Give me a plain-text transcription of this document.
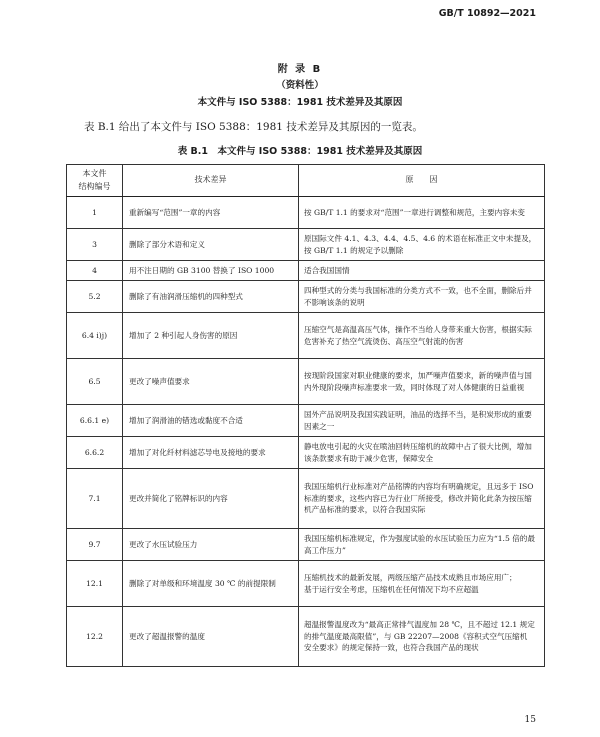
GB/T 10892—2021
附 录 B
（资料性）
本文件与 ISO 5388：1981 技术差异及其原因
表 B.1 给出了本文件与 ISO 5388：1981 技术差异及其原因的一览表。
表 B.1　本文件与 ISO 5388：1981 技术差异及其原因
本文件
结构编号	技术差异	原　　因
1	重新编写“范围”一章的内容	按 GB/T 1.1 的要求对“范围”一章进行调整和规范，主要内容未变
3	删除了部分术语和定义	原国际文件 4.1、4.3、4.4、4.5、4.6 的术语在标准正文中未提及，按 GB/T 1.1 的规定予以删除
4	用不注日期的 GB 3100 替换了 ISO 1000	适合我国国情
5.2	删除了有油润滑压缩机的四种型式	四种型式的分类与我国标准的分类方式不一致，也不全面，删除后并不影响该条的说明
6.4 i)j)	增加了 2 种引起人身伤害的原因	压缩空气是高温高压气体，操作不当给人身带来重大伤害，根据实际危害补充了热空气流烫伤、高压空气射流的伤害
6.5	更改了噪声值要求	按现阶段国家对职业健康的要求，加严噪声值要求，新的噪声值与国内外现阶段噪声标准要求一致，同时体现了对人体健康的日益重视
6.6.1 e)	增加了润滑油的错选或黏度不合适	国外产品说明及我国实践证明，油品的选择不当，是积炭形成的重要因素之一
6.6.2	增加了对化纤材料滤芯导电及接地的要求	静电放电引起的火灾在喷油回转压缩机的故障中占了很大比例，增加该条款要求有助于减少危害，保障安全
7.1	更改并简化了铭牌标识的内容	我国压缩机行业标准对产品铭牌的内容均有明确规定，且远多于 ISO 标准的要求，这些内容已为行业厂所接受，修改并简化此条为按压缩机产品标准的要求，以符合我国实际
9.7	更改了水压试验压力	我国压缩机标准规定，作为强度试验的水压试验压力应为“1.5 倍的最高工作压力”
12.1	删除了对单级和环境温度 30 ℃ 的前提限制	压缩机技术的最新发展，两级压缩产品技术成熟且市场应用广；
基于运行安全考虑，压缩机在任何情况下均不应超温
12.2	更改了超温报警的温度	超温报警温度改为“最高正常排气温度加 28 ℃，且不超过 12.1 规定的排气温度最高限值”，与 GB 22207—2008《容积式空气压缩机　安全要求》的规定保持一致，也符合我国产品的现状
15
